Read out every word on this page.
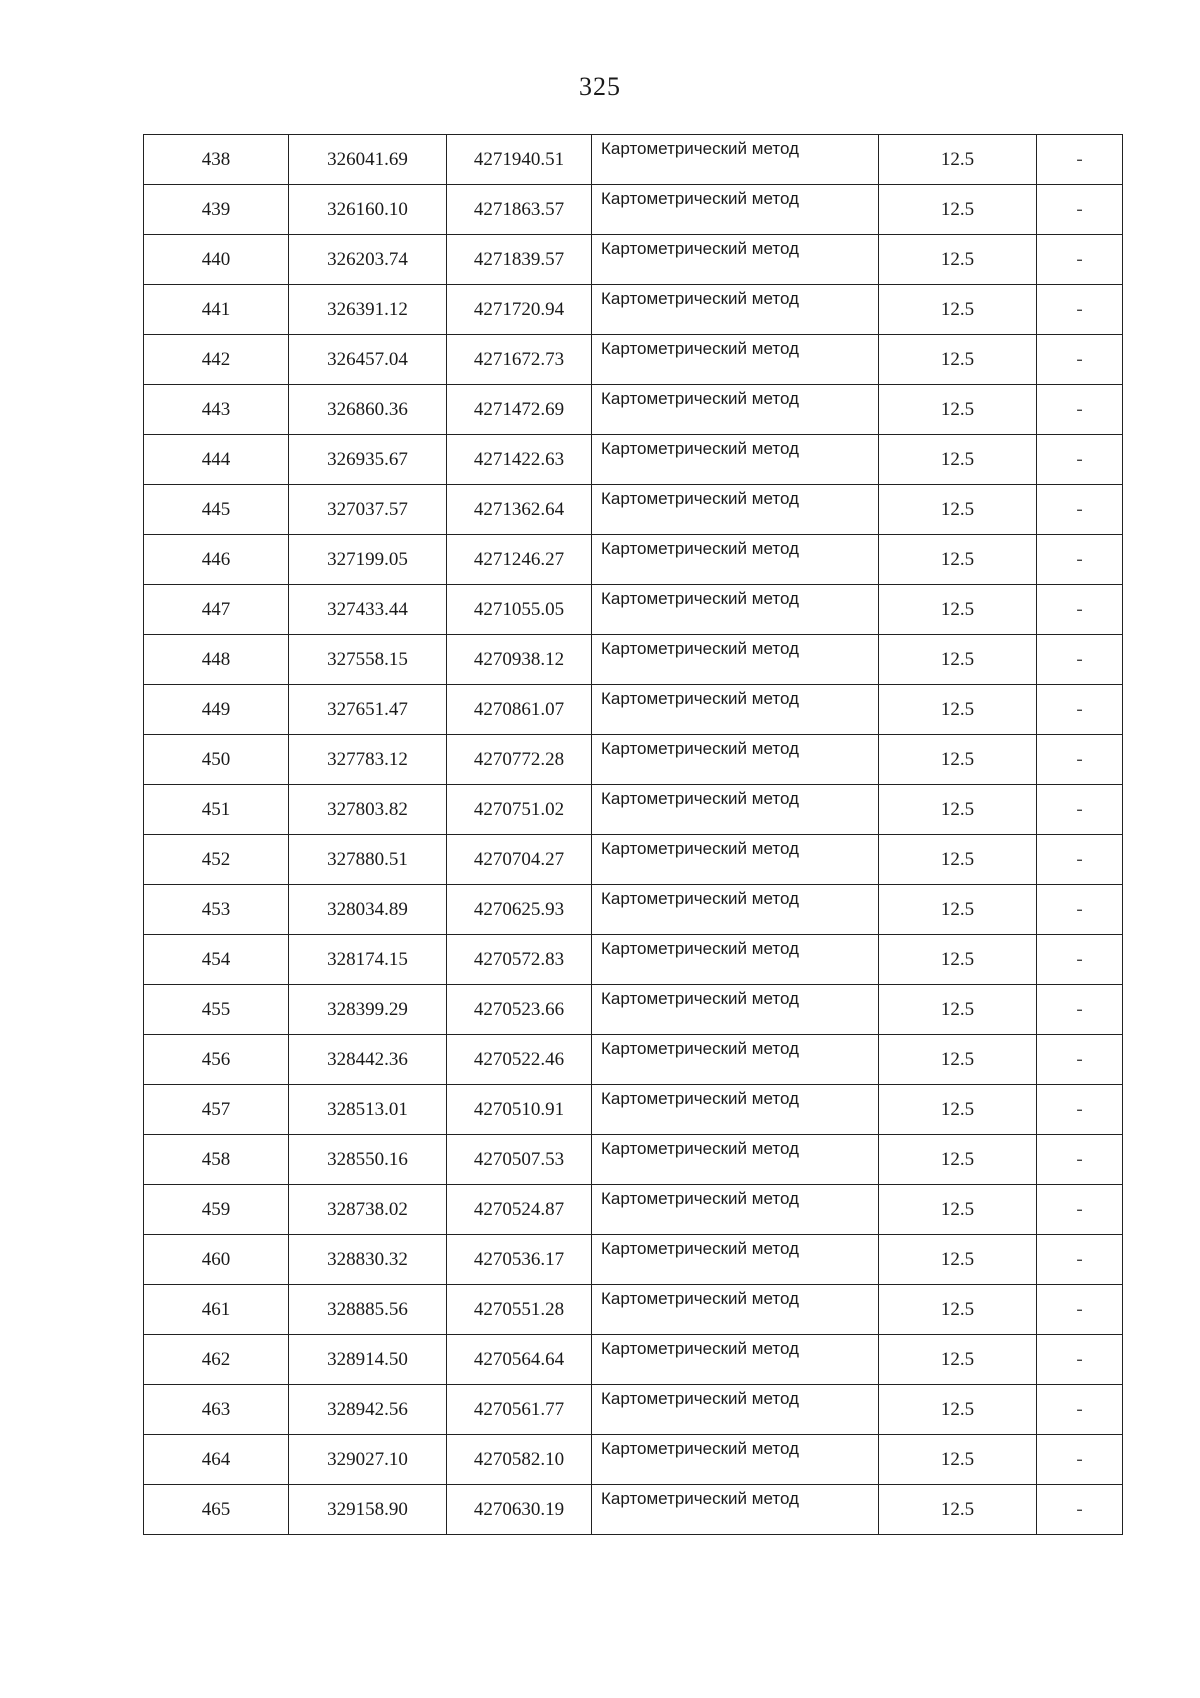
325
438	326041.69	4271940.51	Картометрический метод	12.5	-
439	326160.10	4271863.57	Картометрический метод	12.5	-
440	326203.74	4271839.57	Картометрический метод	12.5	-
441	326391.12	4271720.94	Картометрический метод	12.5	-
442	326457.04	4271672.73	Картометрический метод	12.5	-
443	326860.36	4271472.69	Картометрический метод	12.5	-
444	326935.67	4271422.63	Картометрический метод	12.5	-
445	327037.57	4271362.64	Картометрический метод	12.5	-
446	327199.05	4271246.27	Картометрический метод	12.5	-
447	327433.44	4271055.05	Картометрический метод	12.5	-
448	327558.15	4270938.12	Картометрический метод	12.5	-
449	327651.47	4270861.07	Картометрический метод	12.5	-
450	327783.12	4270772.28	Картометрический метод	12.5	-
451	327803.82	4270751.02	Картометрический метод	12.5	-
452	327880.51	4270704.27	Картометрический метод	12.5	-
453	328034.89	4270625.93	Картометрический метод	12.5	-
454	328174.15	4270572.83	Картометрический метод	12.5	-
455	328399.29	4270523.66	Картометрический метод	12.5	-
456	328442.36	4270522.46	Картометрический метод	12.5	-
457	328513.01	4270510.91	Картометрический метод	12.5	-
458	328550.16	4270507.53	Картометрический метод	12.5	-
459	328738.02	4270524.87	Картометрический метод	12.5	-
460	328830.32	4270536.17	Картометрический метод	12.5	-
461	328885.56	4270551.28	Картометрический метод	12.5	-
462	328914.50	4270564.64	Картометрический метод	12.5	-
463	328942.56	4270561.77	Картометрический метод	12.5	-
464	329027.10	4270582.10	Картометрический метод	12.5	-
465	329158.90	4270630.19	Картометрический метод	12.5	-
